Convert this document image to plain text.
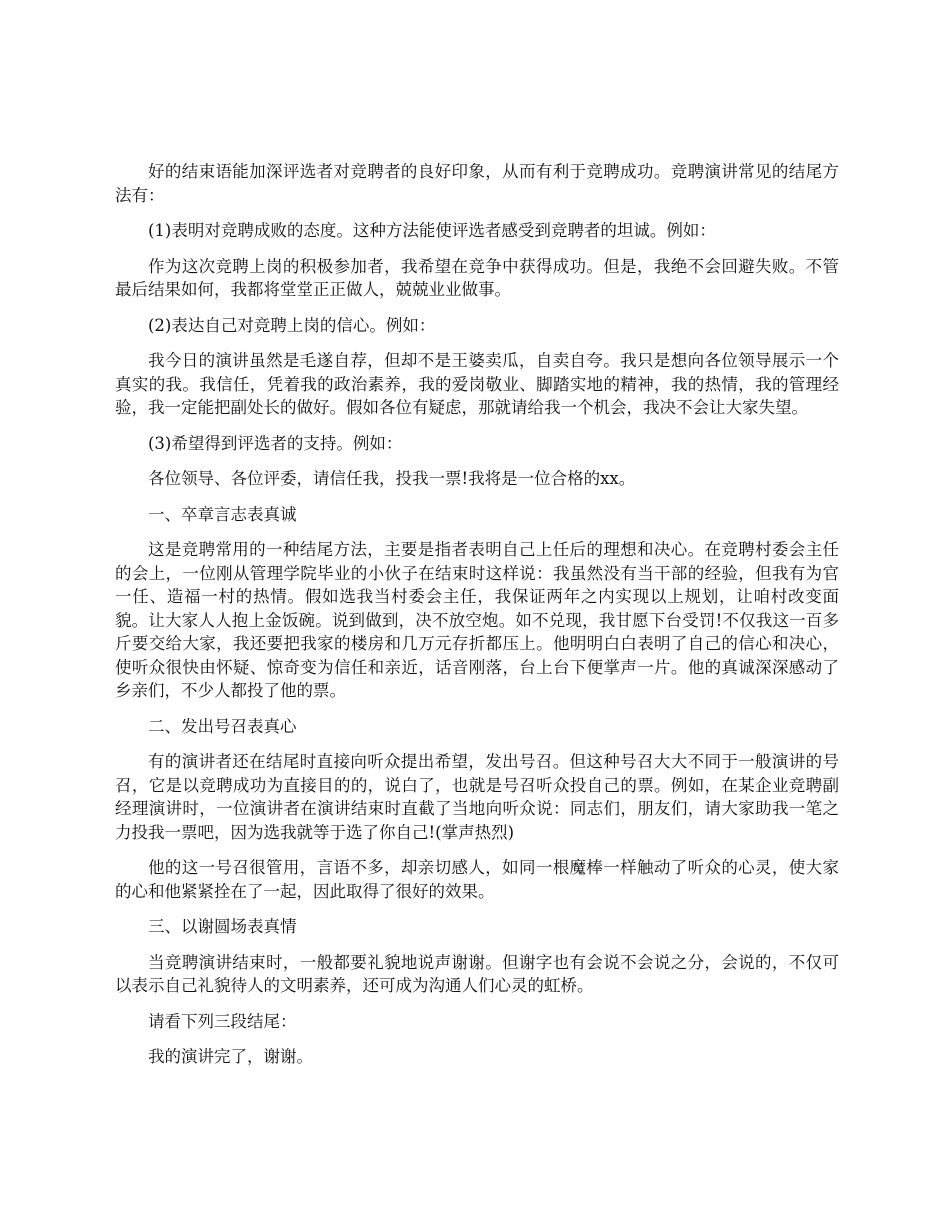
好的结束语能加深评选者对竞聘者的良好印象，从而有利于竞聘成功。竞聘演讲常见的结尾方法有：

(1)表明对竞聘成败的态度。这种方法能使评选者感受到竞聘者的坦诚。例如：

作为这次竞聘上岗的积极参加者，我希望在竞争中获得成功。但是，我绝不会回避失败。不管最后结果如何，我都将堂堂正正做人，兢兢业业做事。

(2)表达自己对竞聘上岗的信心。例如：

我今日的演讲虽然是毛遂自荐，但却不是王婆卖瓜，自卖自夸。我只是想向各位领导展示一个真实的我。我信任，凭着我的政治素养，我的爱岗敬业、脚踏实地的精神，我的热情，我的管理经验，我一定能把副处长的做好。假如各位有疑虑，那就请给我一个机会，我决不会让大家失望。

(3)希望得到评选者的支持。例如：

各位领导、各位评委，请信任我，投我一票!我将是一位合格的xx。

一、卒章言志表真诚

这是竞聘常用的一种结尾方法，主要是指者表明自己上任后的理想和决心。在竞聘村委会主任的会上，一位刚从管理学院毕业的小伙子在结束时这样说：我虽然没有当干部的经验，但我有为官一任、造福一村的热情。假如选我当村委会主任，我保证两年之内实现以上规划，让咱村改变面貌。让大家人人抱上金饭碗。说到做到，决不放空炮。如不兑现，我甘愿下台受罚!不仅我这一百多斤要交给大家，我还要把我家的楼房和几万元存折都压上。他明明白白表明了自己的信心和决心，使听众很快由怀疑、惊奇变为信任和亲近，话音刚落，台上台下便掌声一片。他的真诚深深感动了乡亲们，不少人都投了他的票。

二、发出号召表真心

有的演讲者还在结尾时直接向听众提出希望，发出号召。但这种号召大大不同于一般演讲的号召，它是以竞聘成功为直接目的的，说白了，也就是号召听众投自己的票。例如，在某企业竞聘副经理演讲时，一位演讲者在演讲结束时直截了当地向听众说：同志们，朋友们，请大家助我一笔之力投我一票吧，因为选我就等于选了你自己!(掌声热烈)

他的这一号召很管用，言语不多，却亲切感人，如同一根魔棒一样触动了听众的心灵，使大家的心和他紧紧拴在了一起，因此取得了很好的效果。

三、以谢圆场表真情

当竞聘演讲结束时，一般都要礼貌地说声谢谢。但谢字也有会说不会说之分，会说的，不仅可以表示自己礼貌待人的文明素养，还可成为沟通人们心灵的虹桥。

请看下列三段结尾：

我的演讲完了，谢谢。
